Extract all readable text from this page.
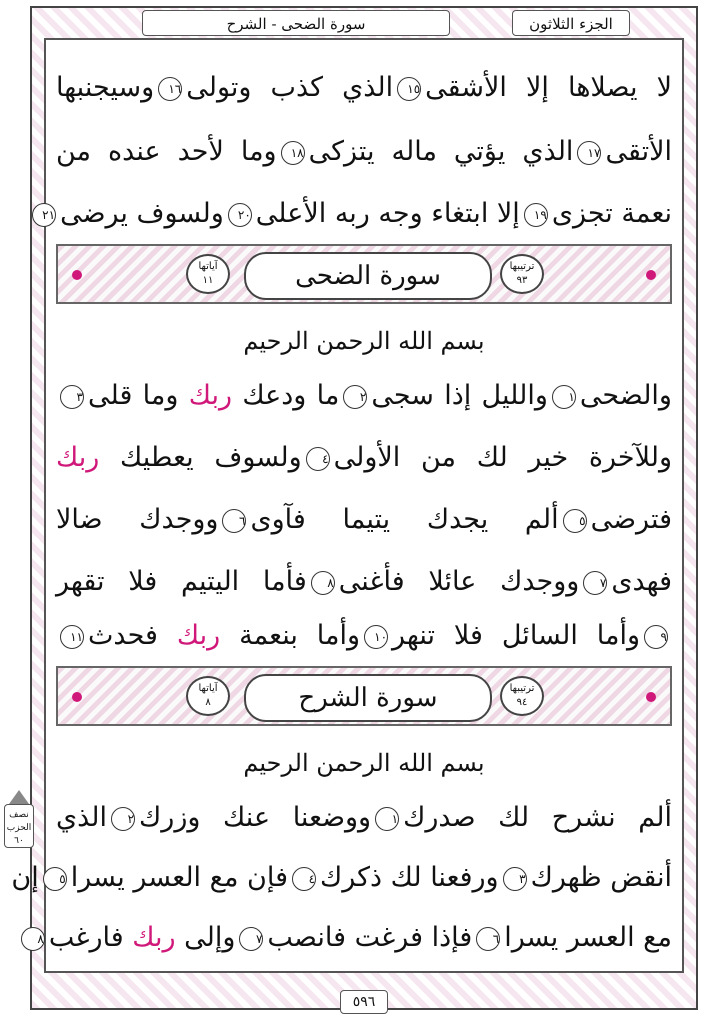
الجزء الثلاثون
سورة الضحى - الشرح
لا يصلاها إلا الأشقى١٥الذي كذب وتولى١٦وسيجنبها
الأتقى١٧الذي يؤتي ماله يتزكى١٨وما لأحد عنده من
نعمة تجزى١٩إلا ابتغاء وجه ربه الأعلى٢٠ولسوف يرضى٢١
آياتها
١١	سورة الضحى	ترتيبها
٩٣
بسم الله الرحمن الرحيم
والضحى١والليل إذا سجى٢ما ودعك ربك وما قلى٣
وللآخرة خير لك من الأولى٤ولسوف يعطيك ربك
فترضى٥ألم يجدك يتيما فآوى٦ووجدك ضالا
فهدى٧ووجدك عائلا فأغنى٨فأما اليتيم فلا تقهر
٩وأما السائل فلا تنهر١٠وأما بنعمة ربك فحدث١١
آياتها
٨	سورة الشرح	ترتيبها
٩٤
بسم الله الرحمن الرحيم
ألم نشرح لك صدرك١ووضعنا عنك وزرك٢الذي
أنقض ظهرك٣ورفعنا لك ذكرك٤فإن مع العسر يسرا٥إن
مع العسر يسرا٦فإذا فرغت فانصب٧وإلى ربك فارغب٨
نصف
الحزب
٦٠
٥٩٦
